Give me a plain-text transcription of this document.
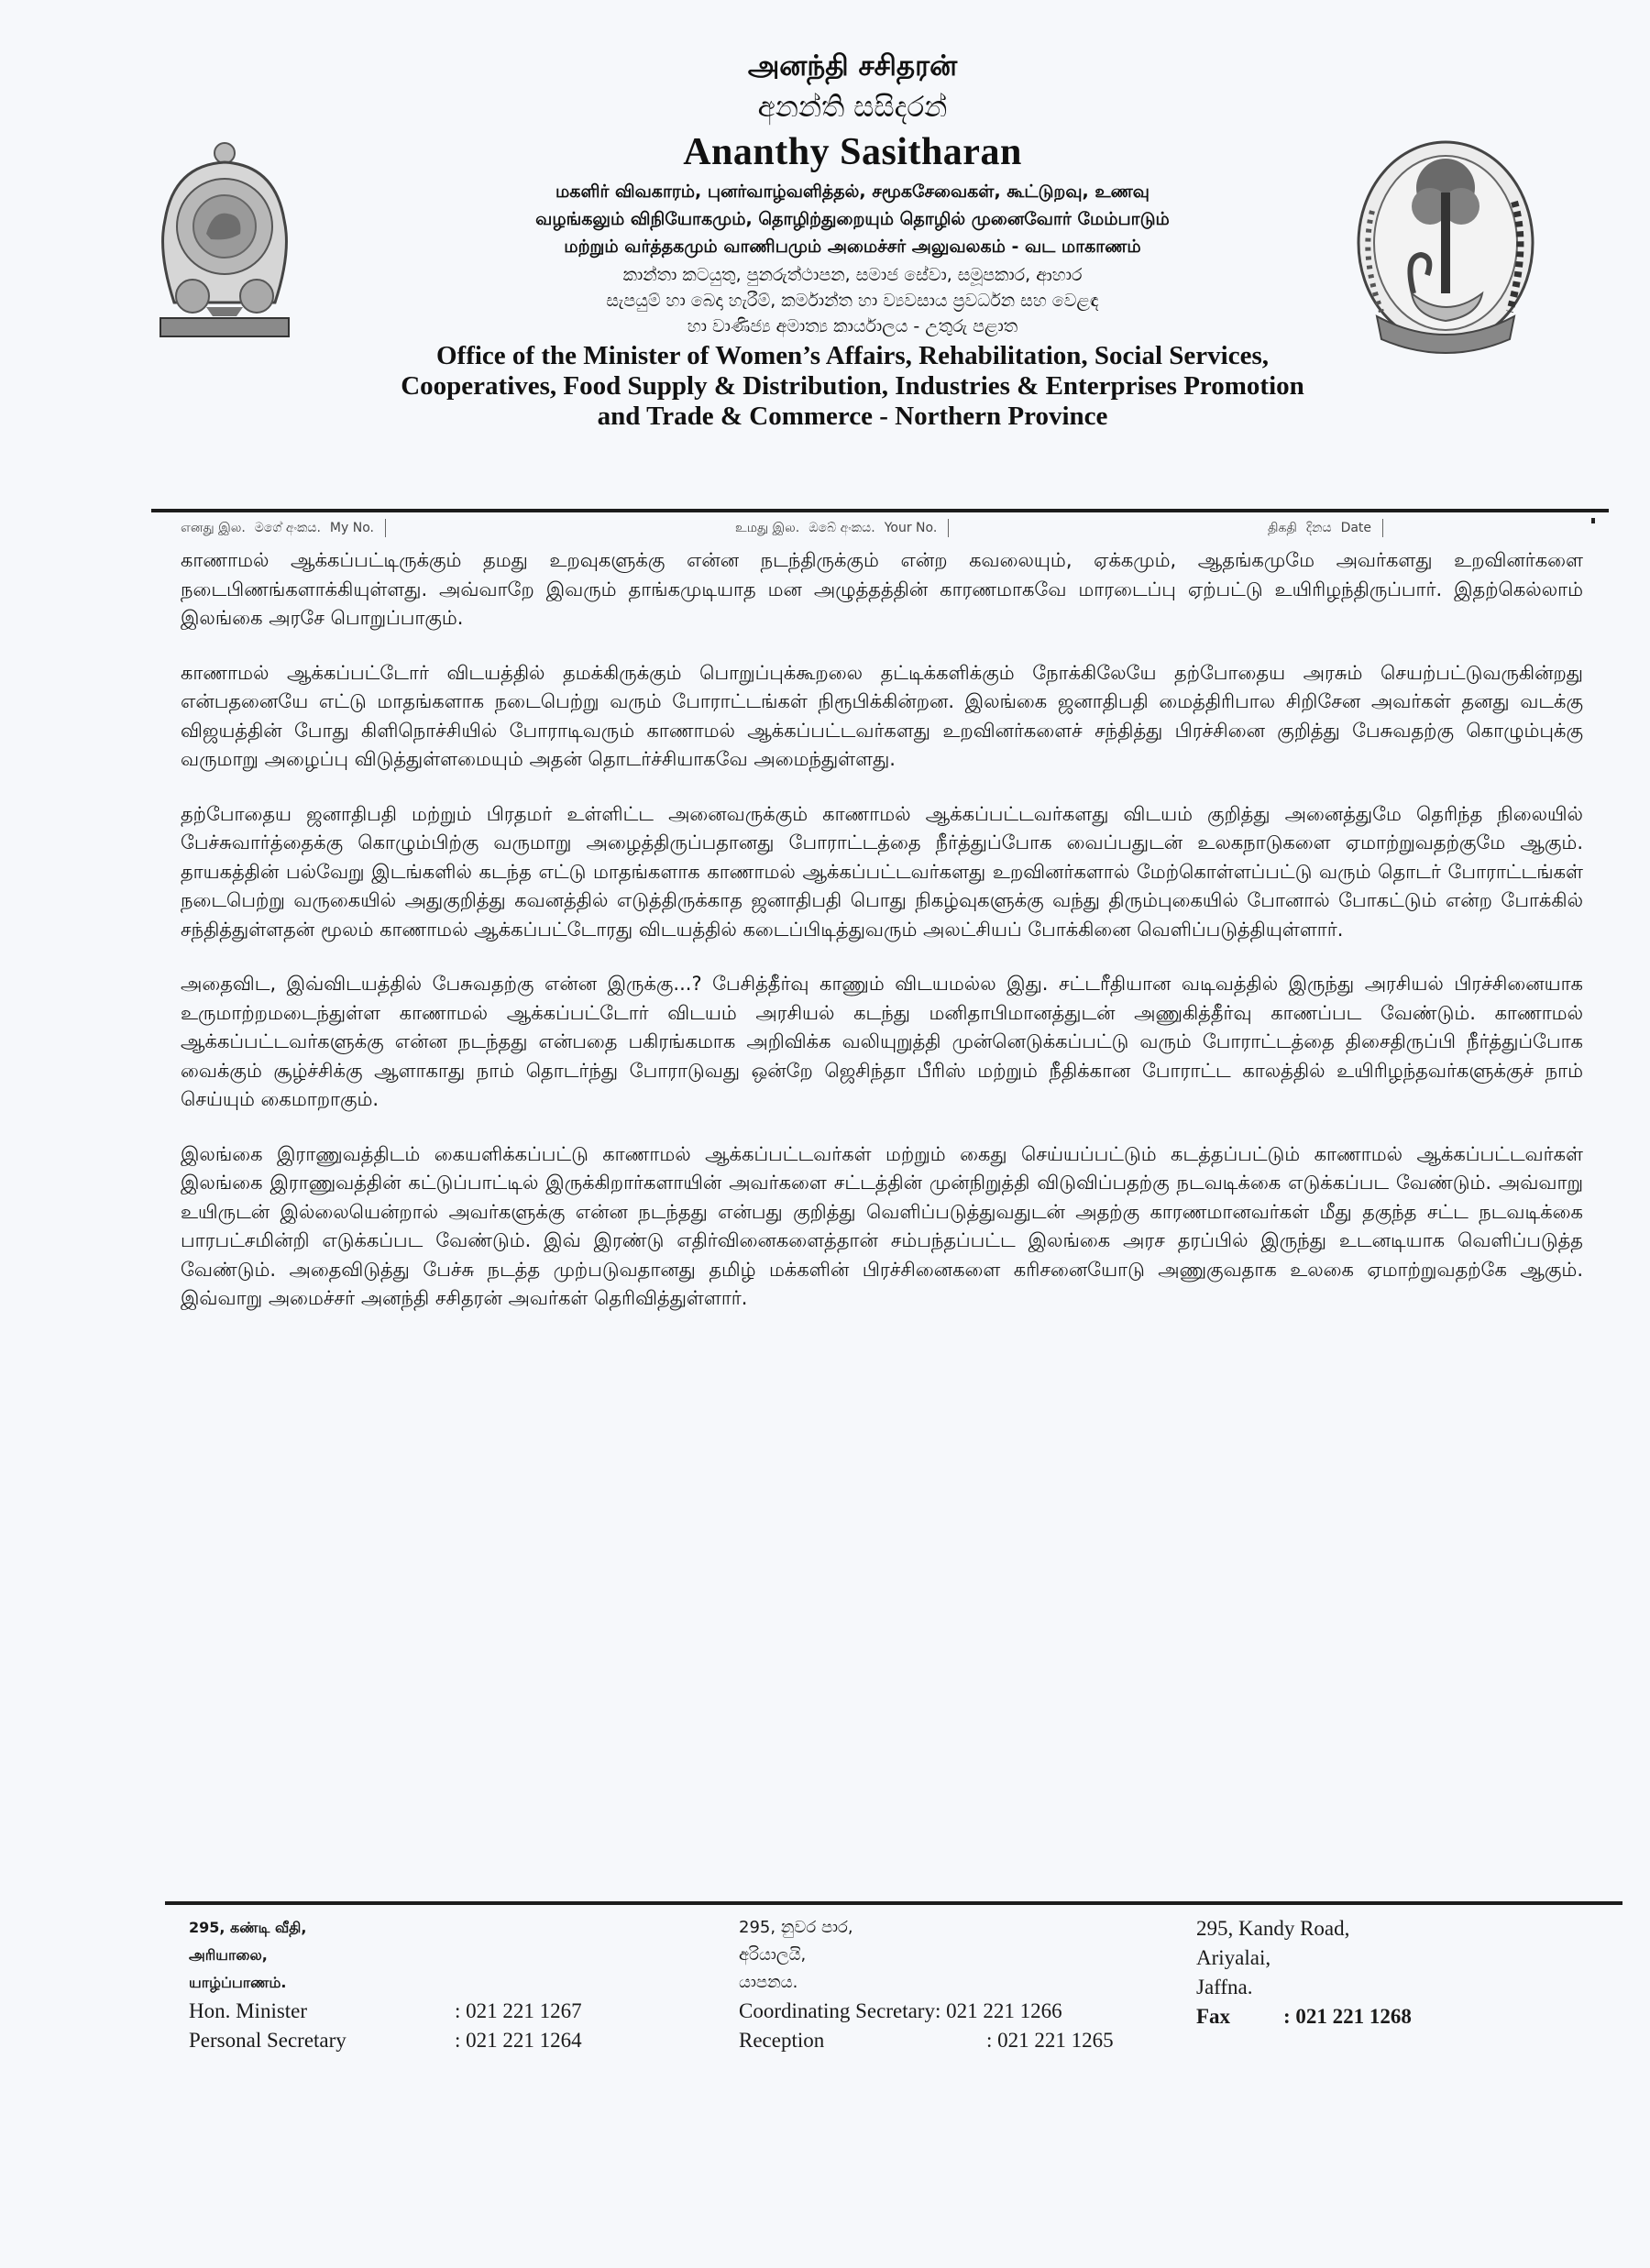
அனந்தி சசிதரன்
අනන්ති සසිදරන්
Ananthy Sasitharan
மகளிர் விவகாரம், புனர்வாழ்வளித்தல், சமூகசேவைகள், கூட்டுறவு, உணவு
வழங்கலும் விநியோகமும், தொழிற்துறையும் தொழில் முனைவோர் மேம்பாடும்
மற்றும் வர்த்தகமும் வாணிபமும் அமைச்சர் அலுவலகம் - வட மாகாணம்
කාන්තා කටයුතු, පුනරුත්ථාපන, සමාජ සේවා, සමූපකාර, ආහාර
සැපයුම් හා බෙදා හැරීම්, කර්මාන්ත හා ව්‍යවසාය ප්‍රවර්ධන සහ වෙළඳ
හා වාණිජ්‍ය අමාත්‍ය කාර්යාලය - උතුරු පළාත
Office of the Minister of Women’s Affairs, Rehabilitation, Social Services,
Cooperatives, Food Supply & Distribution, Industries & Enterprises Promotion
and Trade & Commerce - Northern Province
எனது இல. මගේ අංකය. My No.	உமது இல. ඔබේ අංකය. Your No.	திகதி දිනය Date

காணாமல் ஆக்கப்பட்டிருக்கும் தமது உறவுகளுக்கு என்ன நடந்திருக்கும் என்ற கவலையும், ஏக்கமும், ஆதங்கமுமே அவர்களது உறவினர்களை நடைபிணங்களாக்கியுள்ளது. அவ்வாறே இவரும் தாங்கமுடியாத மன அழுத்தத்தின் காரணமாகவே மாரடைப்பு ஏற்பட்டு உயிரிழந்திருப்பார். இதற்கெல்லாம் இலங்கை அரசே பொறுப்பாகும்.

காணாமல் ஆக்கப்பட்டோர் விடயத்தில் தமக்கிருக்கும் பொறுப்புக்கூறலை தட்டிக்களிக்கும் நோக்கிலேயே தற்போதைய அரசும் செயற்பட்டுவருகின்றது என்பதனையே எட்டு மாதங்களாக நடைபெற்று வரும் போராட்டங்கள் நிரூபிக்கின்றன. இலங்கை ஜனாதிபதி மைத்திரிபால சிறிசேன அவர்கள் தனது வடக்கு விஜயத்தின் போது கிளிநொச்சியில் போராடிவரும் காணாமல் ஆக்கப்பட்டவர்களது உறவினர்களைச் சந்தித்து பிரச்சினை குறித்து பேசுவதற்கு கொழும்புக்கு வருமாறு அழைப்பு விடுத்துள்ளமையும் அதன் தொடர்ச்சியாகவே அமைந்துள்ளது.

தற்போதைய ஜனாதிபதி மற்றும் பிரதமர் உள்ளிட்ட அனைவருக்கும் காணாமல் ஆக்கப்பட்டவர்களது விடயம் குறித்து அனைத்துமே தெரிந்த நிலையில் பேச்சுவார்த்தைக்கு கொழும்பிற்கு வருமாறு அழைத்திருப்பதானது போராட்டத்தை நீர்த்துப்போக வைப்பதுடன் உலகநாடுகளை ஏமாற்றுவதற்குமே ஆகும். தாயகத்தின் பல்வேறு இடங்களில் கடந்த எட்டு மாதங்களாக காணாமல் ஆக்கப்பட்டவர்களது உறவினர்களால் மேற்கொள்ளப்பட்டு வரும் தொடர் போராட்டங்கள் நடைபெற்று வருகையில் அதுகுறித்து கவனத்தில் எடுத்திருக்காத ஜனாதிபதி பொது நிகழ்வுகளுக்கு வந்து திரும்புகையில் போனால் போகட்டும் என்ற போக்கில் சந்தித்துள்ளதன் மூலம் காணாமல் ஆக்கப்பட்டோரது விடயத்தில் கடைப்பிடித்துவரும் அலட்சியப் போக்கினை வெளிப்படுத்தியுள்ளார்.

அதைவிட, இவ்விடயத்தில் பேசுவதற்கு என்ன இருக்கு...? பேசித்தீர்வு காணும் விடயமல்ல இது. சட்டரீதியான வடிவத்தில் இருந்து அரசியல் பிரச்சினையாக உருமாற்றமடைந்துள்ள காணாமல் ஆக்கப்பட்டோர் விடயம் அரசியல் கடந்து மனிதாபிமானத்துடன் அணுகித்தீர்வு காணப்பட வேண்டும். காணாமல் ஆக்கப்பட்டவர்களுக்கு என்ன நடந்தது என்பதை பகிரங்கமாக அறிவிக்க வலியுறுத்தி முன்னெடுக்கப்பட்டு வரும் போராட்டத்தை திசைதிருப்பி நீர்த்துப்போக வைக்கும் சூழ்ச்சிக்கு ஆளாகாது நாம் தொடர்ந்து போராடுவது ஒன்றே ஜெசிந்தா பீரிஸ் மற்றும் நீதிக்கான போராட்ட காலத்தில் உயிரிழந்தவர்களுக்குச் நாம் செய்யும் கைமாறாகும்.

இலங்கை இராணுவத்திடம் கையளிக்கப்பட்டு காணாமல் ஆக்கப்பட்டவர்கள் மற்றும் கைது செய்யப்பட்டும் கடத்தப்பட்டும் காணாமல் ஆக்கப்பட்டவர்கள் இலங்கை இராணுவத்தின் கட்டுப்பாட்டில் இருக்கிறார்களாயின் அவர்களை சட்டத்தின் முன்நிறுத்தி விடுவிப்பதற்கு நடவடிக்கை எடுக்கப்பட வேண்டும். அவ்வாறு உயிருடன் இல்லையென்றால் அவர்களுக்கு என்ன நடந்தது என்பது குறித்து வெளிப்படுத்துவதுடன் அதற்கு காரணமானவர்கள் மீது தகுந்த சட்ட நடவடிக்கை பாரபட்சமின்றி எடுக்கப்பட வேண்டும். இவ் இரண்டு எதிர்வினைகளைத்தான் சம்பந்தப்பட்ட இலங்கை அரச தரப்பில் இருந்து உடனடியாக வெளிப்படுத்த வேண்டும். அதைவிடுத்து பேச்சு நடத்த முற்படுவதானது தமிழ் மக்களின் பிரச்சினைகளை கரிசனையோடு அணுகுவதாக உலகை ஏமாற்றுவதற்கே ஆகும். இவ்வாறு அமைச்சர் அனந்தி சசிதரன் அவர்கள் தெரிவித்துள்ளார்.

295, கண்டி வீதி,
அரியாலை,
யாழ்ப்பாணம்.
Hon. Minister	: 021 221 1267
Personal Secretary	: 021 221 1264
295, නුවර පාර,
අරියාලයි,
යාපනය.
Coordinating Secretary : 021 221 1266
Reception	: 021 221 1265
295, Kandy Road,
Ariyalai,
Jaffna.
Fax	: 021 221 1268
